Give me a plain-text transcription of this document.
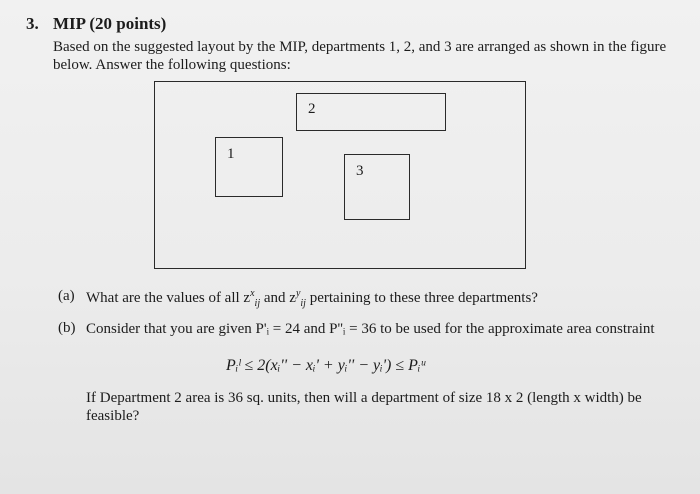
3. MIP (20 points)
Based on the suggested layout by the MIP, departments 1, 2, and 3 are arranged as shown in the figure below. Answer the following questions:
2
1
3
(a) What are the values of all $z^x_{ij}$ and $z^y_{ij}$ pertaining to these three departments?
(b) Consider that you are given P'ᵢ = 24 and P''ᵢ = 36 to be used for the approximate area constraint
Pᵢˡ ≤ 2(xᵢ'' − xᵢ' + yᵢ'' − yᵢ') ≤ Pᵢᵘ
If Department 2 area is 36 sq. units, then will a department of size 18 x 2 (length x width) be feasible?
